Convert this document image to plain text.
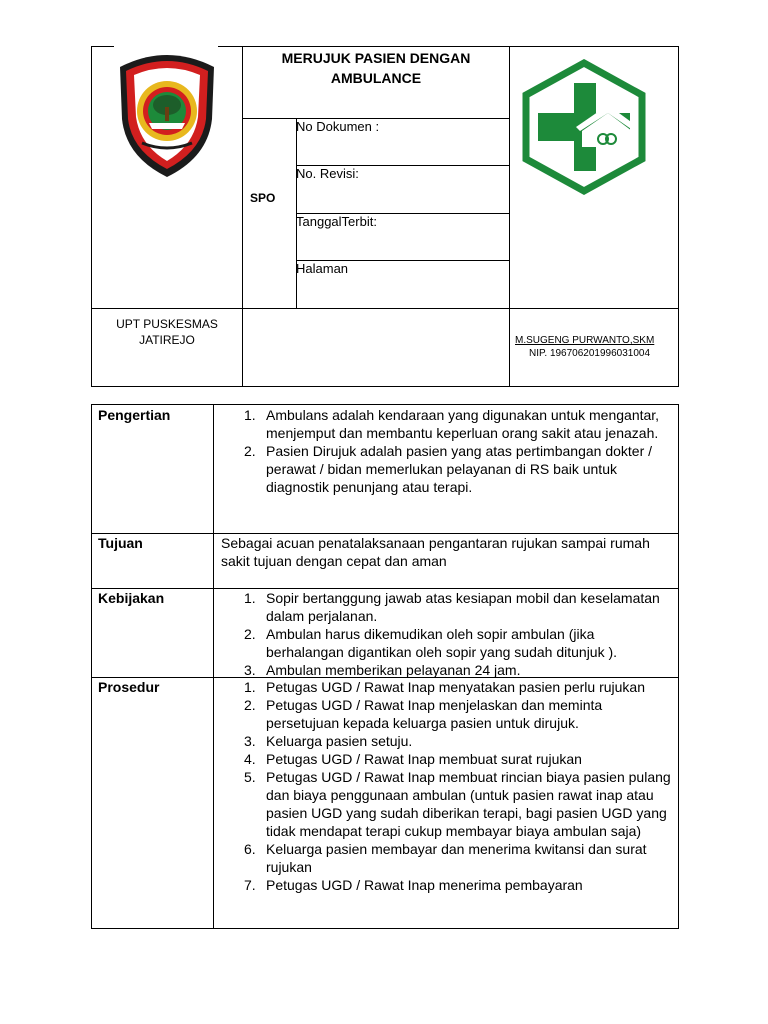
MERUJUK PASIEN DENGAN AMBULANCE
SPO
No Dokumen :
No. Revisi:
TanggalTerbit:
Halaman
UPT PUSKESMAS
JATIREJO	M.SUGENG PURWANTO,SKM
NIP. 196706201996031004
Pengertian	1. Ambulans adalah kendaraan yang digunakan untuk mengantar, menjemput dan membantu keperluan orang sakit atau jenazah.
2. Pasien Dirujuk adalah pasien yang atas pertimbangan dokter / perawat / bidan memerlukan pelayanan di RS baik untuk diagnostik penunjang atau terapi.
Tujuan	Sebagai acuan penatalaksanaan pengantaran rujukan sampai rumah sakit tujuan dengan cepat dan aman
Kebijakan	1. Sopir bertanggung jawab atas kesiapan mobil dan keselamatan dalam perjalanan.
2. Ambulan harus dikemudikan oleh sopir ambulan (jika berhalangan digantikan oleh sopir yang sudah ditunjuk ).
3. Ambulan memberikan pelayanan 24 jam.
Prosedur	1. Petugas UGD / Rawat Inap menyatakan pasien perlu rujukan
2. Petugas UGD / Rawat Inap menjelaskan dan meminta persetujuan kepada keluarga pasien untuk dirujuk.
3. Keluarga pasien setuju.
4. Petugas UGD / Rawat Inap membuat surat rujukan
5. Petugas UGD / Rawat Inap membuat rincian biaya pasien pulang dan biaya penggunaan ambulan (untuk pasien rawat inap atau pasien UGD yang sudah diberikan terapi, bagi pasien UGD yang tidak mendapat terapi cukup membayar biaya ambulan saja)
6. Keluarga pasien membayar dan menerima kwitansi dan surat rujukan
7. Petugas UGD / Rawat Inap menerima pembayaran
